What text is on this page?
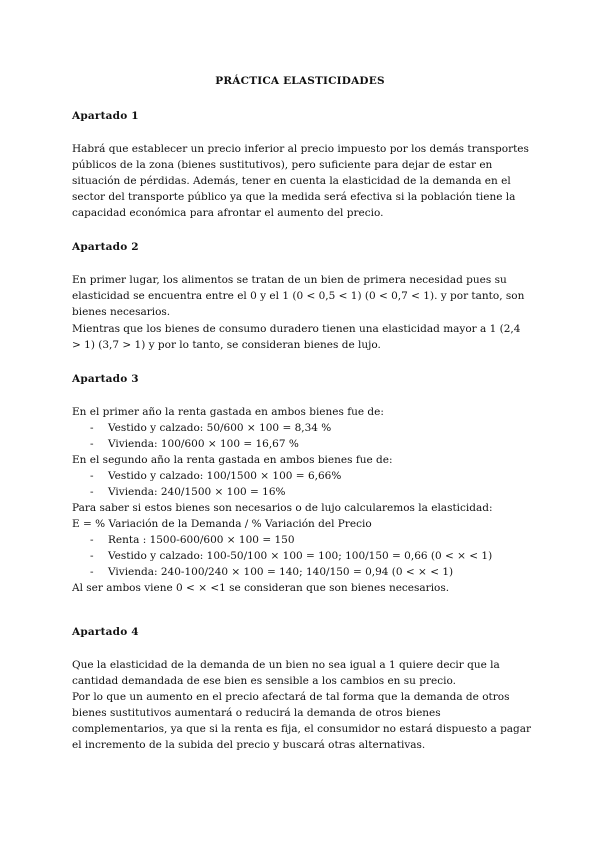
PRÁCTICA ELASTICIDADES
Apartado 1
Habrá que establecer un precio inferior al precio impuesto por los demás transportes
públicos de la zona (bienes sustitutivos), pero suficiente para dejar de estar en
situación de pérdidas. Además, tener en cuenta la elasticidad de la demanda en el
sector del transporte público ya que la medida será efectiva si la población tiene la
capacidad económica para afrontar el aumento del precio.
Apartado 2
En primer lugar, los alimentos se tratan de un bien de primera necesidad pues su
elasticidad se encuentra entre el 0 y el 1 (0 < 0,5 < 1) (0 < 0,7 < 1). y por tanto, son
bienes necesarios.
Mientras que los bienes de consumo duradero tienen una elasticidad mayor a 1 (2,4
> 1) (3,7 > 1) y por lo tanto, se consideran bienes de lujo.
Apartado 3
En el primer año la renta gastada en ambos bienes fue de:
- Vestido y calzado: 50/600 × 100 = 8,34 %
- Vivienda: 100/600 × 100 = 16,67 %
En el segundo año la renta gastada en ambos bienes fue de:
- Vestido y calzado: 100/1500 × 100 = 6,66%
- Vivienda: 240/1500 × 100 = 16%
Para saber si estos bienes son necesarios o de lujo calcularemos la elasticidad:
E = % Variación de la Demanda / % Variación del Precio
- Renta : 1500-600/600 × 100 = 150
- Vestido y calzado: 100-50/100 × 100 = 100; 100/150 = 0,66 (0 < × < 1)
- Vivienda: 240-100/240 × 100 = 140; 140/150 = 0,94 (0 < × < 1)
Al ser ambos viene 0 < × <1 se consideran que son bienes necesarios.
Apartado 4
Que la elasticidad de la demanda de un bien no sea igual a 1 quiere decir que la
cantidad demandada de ese bien es sensible a los cambios en su precio.
Por lo que un aumento en el precio afectará de tal forma que la demanda de otros
bienes sustitutivos aumentará o reducirá la demanda de otros bienes
complementarios, ya que si la renta es fija, el consumidor no estará dispuesto a pagar
el incremento de la subida del precio y buscará otras alternativas.
